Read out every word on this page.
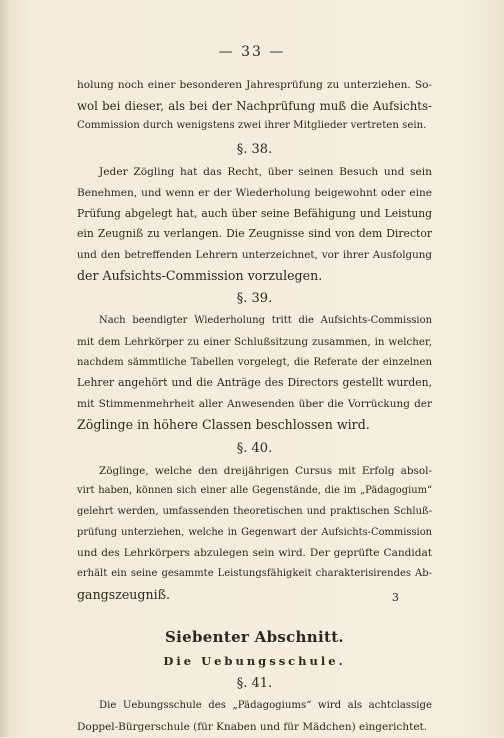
— 33 —

holung noch einer besonderen Jahresprüfung zu unterziehen. So-
wol bei dieser, als bei der Nachprüfung muß die Aufsichts-
Commission durch wenigstens zwei ihrer Mitglieder vertreten sein.

§. 38.

Jeder Zögling hat das Recht, über seinen Besuch und sein
Benehmen, und wenn er der Wiederholung beigewohnt oder eine
Prüfung abgelegt hat, auch über seine Befähigung und Leistung
ein Zeugniß zu verlangen. Die Zeugnisse sind von dem Director
und den betreffenden Lehrern unterzeichnet, vor ihrer Ausfolgung
der Aufsichts-Commission vorzulegen.

§. 39.

Nach beendigter Wiederholung tritt die Aufsichts-Commission
mit dem Lehrkörper zu einer Schlußsitzung zusammen, in welcher,
nachdem sämmtliche Tabellen vorgelegt, die Referate der einzelnen
Lehrer angehört und die Anträge des Directors gestellt wurden,
mit Stimmenmehrheit aller Anwesenden über die Vorrückung der
Zöglinge in höhere Classen beschlossen wird.

§. 40.

Zöglinge, welche den dreijährigen Cursus mit Erfolg absol-
virt haben, können sich einer alle Gegenstände, die im „Pädagogium“
gelehrt werden, umfassenden theoretischen und praktischen Schluß-
prüfung unterziehen, welche in Gegenwart der Aufsichts-Commission
und des Lehrkörpers abzulegen sein wird. Der geprüfte Candidat
erhält ein seine gesammte Leistungsfähigkeit charakterisirendes Ab-
gangszeugniß.

Siebenter Abschnitt.
Die Uebungsschule.
§. 41.

Die Uebungsschule des „Pädagogiums“ wird als achtclassige
Doppel-Bürgerschule (für Knaben und für Mädchen) eingerichtet.

3
